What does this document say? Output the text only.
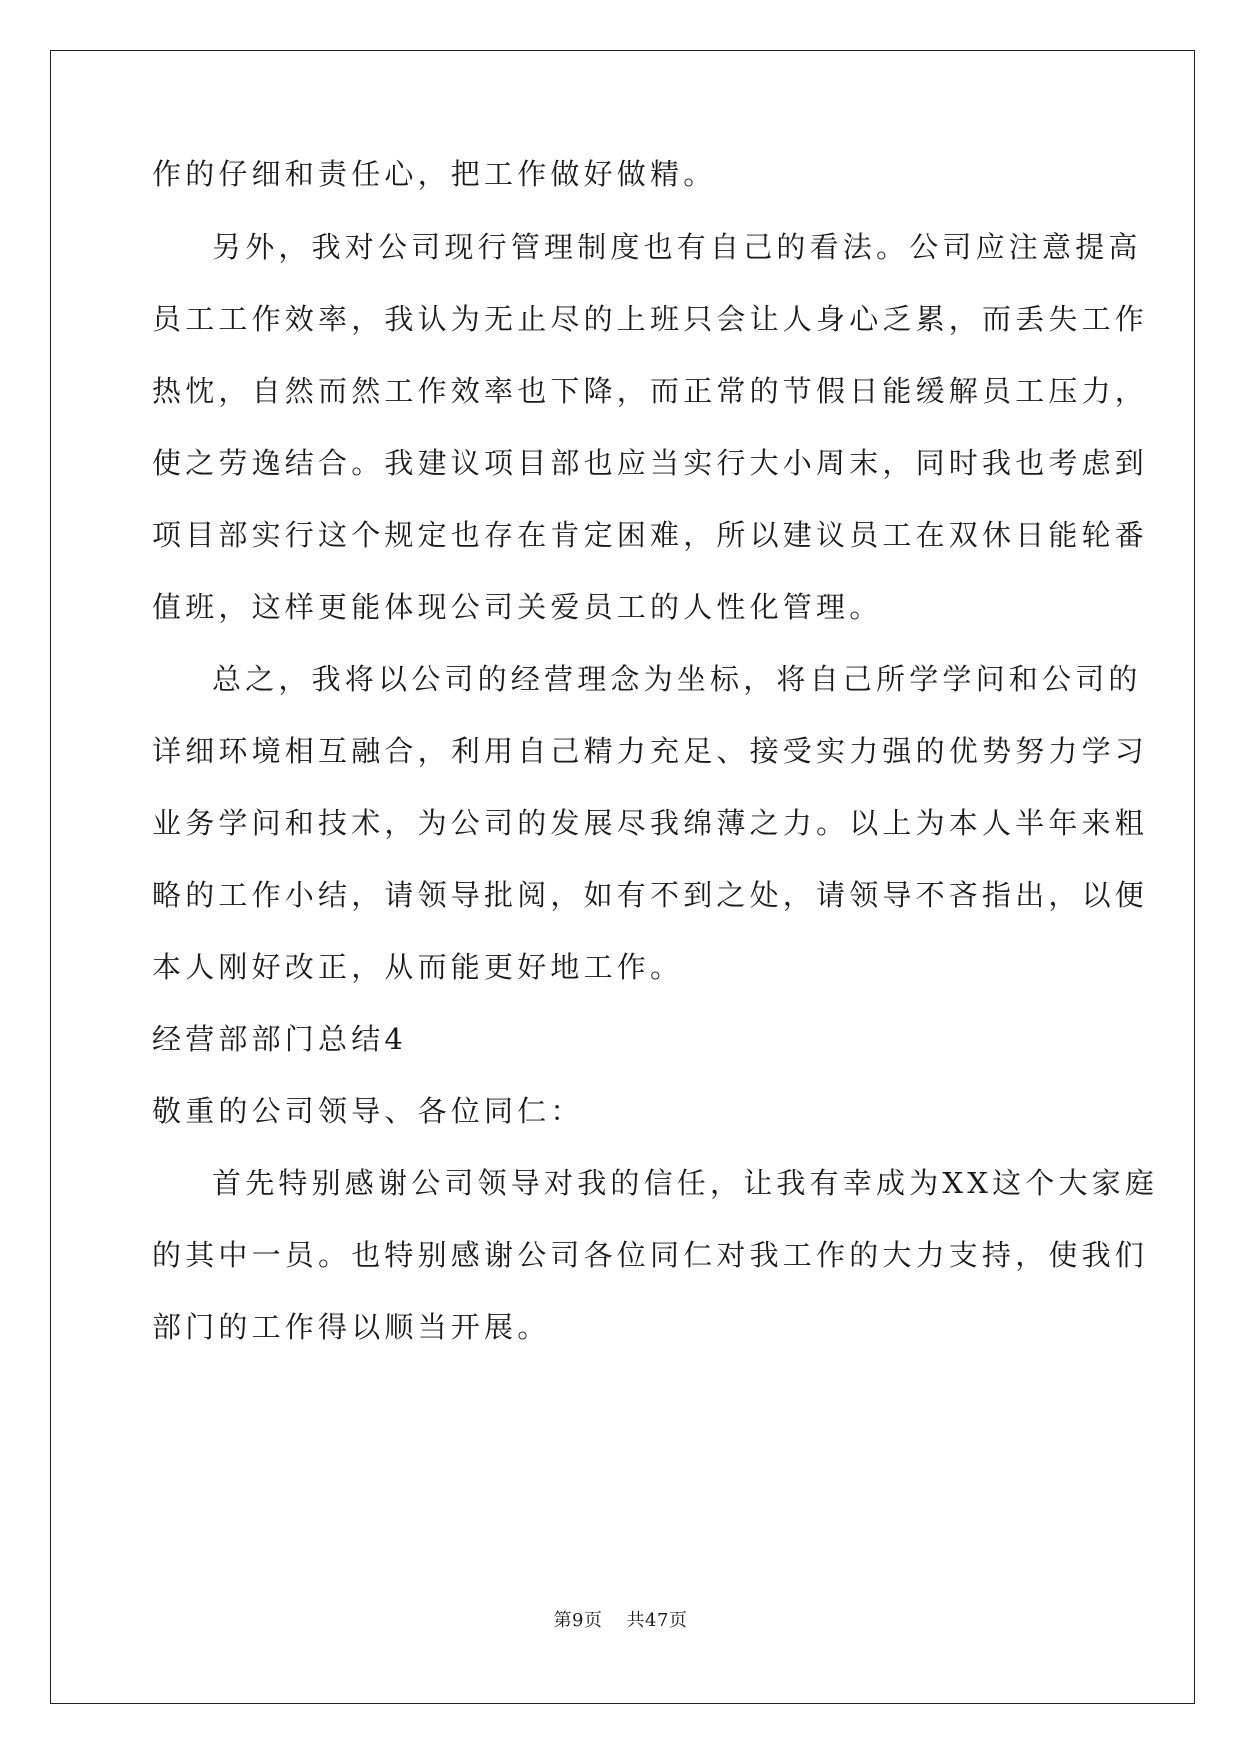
作的仔细和责任心，把工作做好做精。
另外，我对公司现行管理制度也有自己的看法。公司应注意提高
员工工作效率，我认为无止尽的上班只会让人身心乏累，而丢失工作
热忱，自然而然工作效率也下降，而正常的节假日能缓解员工压力，
使之劳逸结合。我建议项目部也应当实行大小周末，同时我也考虑到
项目部实行这个规定也存在肯定困难，所以建议员工在双休日能轮番
值班，这样更能体现公司关爱员工的人性化管理。
总之，我将以公司的经营理念为坐标，将自己所学学问和公司的
详细环境相互融合，利用自己精力充足、接受实力强的优势努力学习
业务学问和技术，为公司的发展尽我绵薄之力。以上为本人半年来粗
略的工作小结，请领导批阅，如有不到之处，请领导不吝指出，以便
本人刚好改正，从而能更好地工作。
经营部部门总结4
敬重的公司领导、各位同仁：
首先特别感谢公司领导对我的信任，让我有幸成为XX这个大家庭
的其中一员。也特别感谢公司各位同仁对我工作的大力支持，使我们
部门的工作得以顺当开展。
第9页 共47页
